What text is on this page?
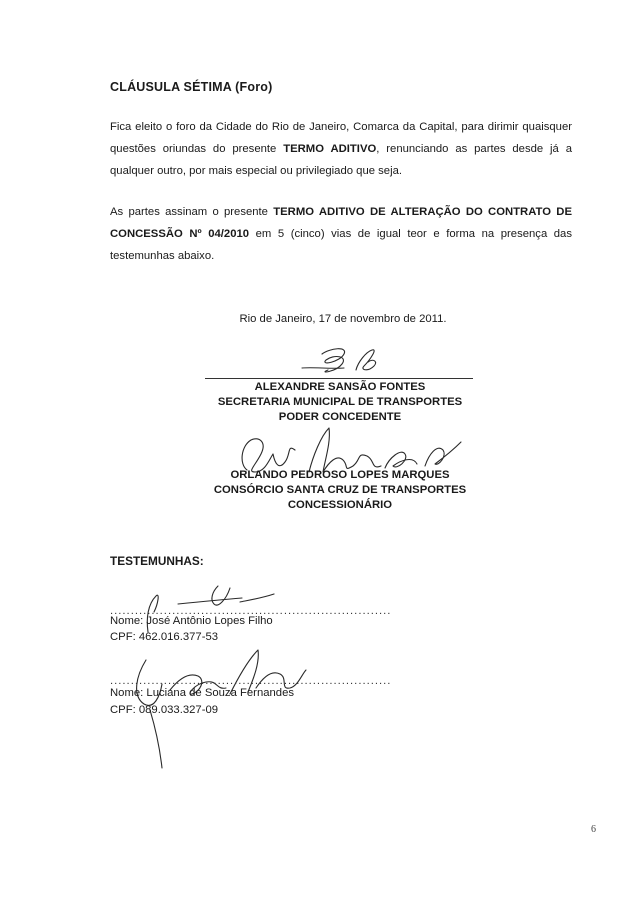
CLÁUSULA SÉTIMA (Foro)
Fica eleito o foro da Cidade do Rio de Janeiro, Comarca da Capital, para dirimir quaisquer questões oriundas do presente TERMO ADITIVO, renunciando as partes desde já a qualquer outro, por mais especial ou privilegiado que seja.
As partes assinam o presente TERMO ADITIVO DE ALTERAÇÃO DO CONTRATO DE CONCESSÃO Nº 04/2010 em 5 (cinco) vias de igual teor e forma na presença das testemunhas abaixo.
Rio de Janeiro, 17 de novembro de 2011.
ALEXANDRE SANSÃO FONTES
SECRETARIA MUNICIPAL DE TRANSPORTES
PODER CONCEDENTE
ORLANDO PEDROSO LOPES MARQUES
CONSÓRCIO SANTA CRUZ DE TRANSPORTES
CONCESSIONÁRIO
TESTEMUNHAS:
....................................................................
Nome: José Antônio Lopes Filho
CPF: 462.016.377-53
....................................................................
Nome: Luciana de Souza Fernandes
CPF: 089.033.327-09
6
